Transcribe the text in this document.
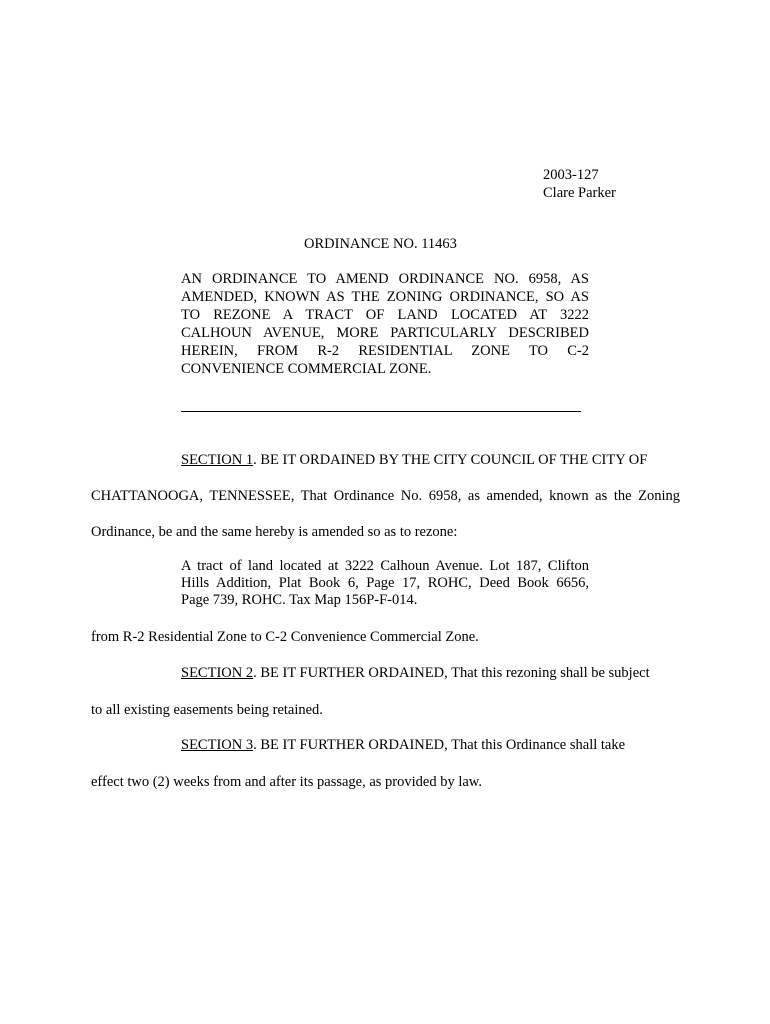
2003-127
Clare Parker
ORDINANCE NO. 11463
AN ORDINANCE TO AMEND ORDINANCE NO. 6958, AS
AMENDED, KNOWN AS THE ZONING ORDINANCE, SO AS
TO REZONE A TRACT OF LAND LOCATED AT 3222
CALHOUN AVENUE, MORE PARTICULARLY DESCRIBED
HEREIN, FROM R-2 RESIDENTIAL ZONE TO C-2
CONVENIENCE COMMERCIAL ZONE.
SECTION 1. BE IT ORDAINED BY THE CITY COUNCIL OF THE CITY OF
CHATTANOOGA, TENNESSEE, That Ordinance No. 6958, as amended, known as the Zoning
Ordinance, be and the same hereby is amended so as to rezone:
A tract of land located at 3222 Calhoun Avenue. Lot 187, Clifton
Hills Addition, Plat Book 6, Page 17, ROHC, Deed Book 6656,
Page 739, ROHC. Tax Map 156P-F-014.
from R-2 Residential Zone to C-2 Convenience Commercial Zone.
SECTION 2. BE IT FURTHER ORDAINED, That this rezoning shall be subject
to all existing easements being retained.
SECTION 3. BE IT FURTHER ORDAINED, That this Ordinance shall take
effect two (2) weeks from and after its passage, as provided by law.
